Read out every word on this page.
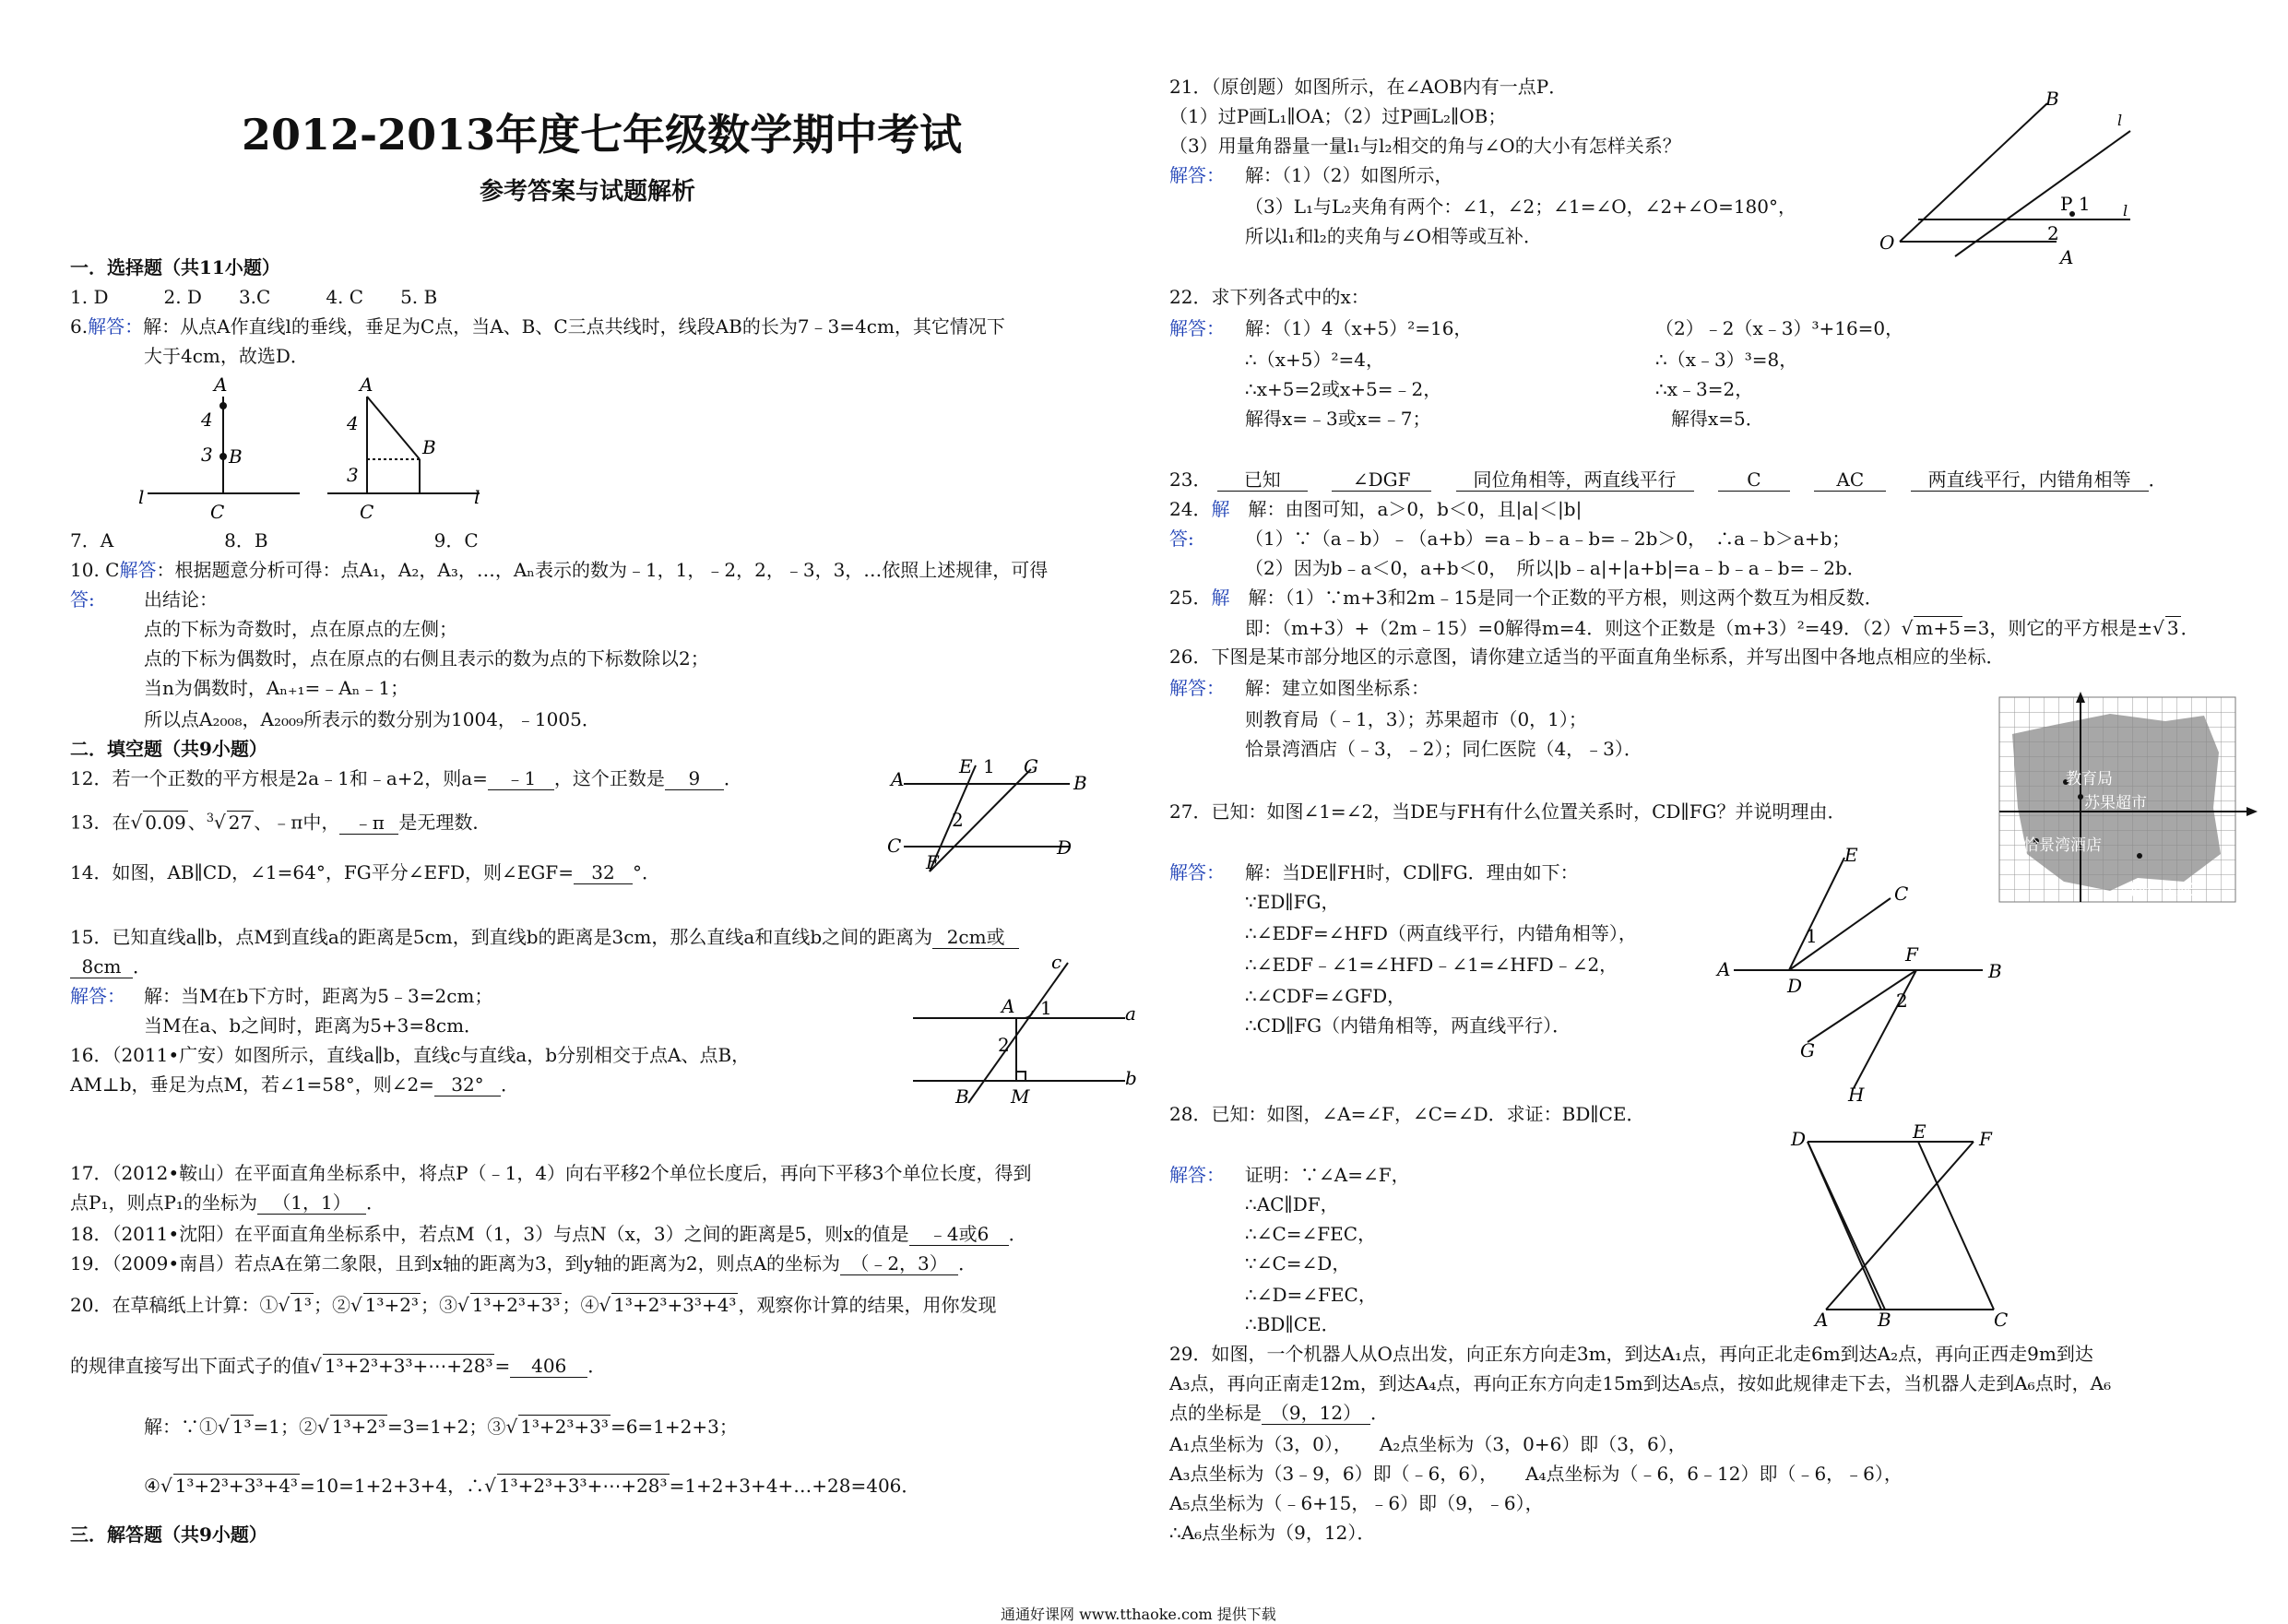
2012-2013年度七年级数学期中考试
参考答案与试题解析
一．选择题（共11小题）
1. D　　　2. D　　3.C　　　4. C　　5. B
6.解答：解：从点A作直线l的垂线，垂足为C点，当A、B、C三点共线时，线段AB的长为7﹣3=4cm，其它情况下
大于4cm，故选D．
A
4
3 B
l
C
A
4
3
B
l
C
7．A　　　　　　8．B　　　　　　　　　9．C
10. C解答：根据题意分析可得：点A₁，A₂，A₃，…，Aₙ表示的数为﹣1，1，﹣2，2，﹣3，3，…依照上述规律，可得
答:	出结论：
点的下标为奇数时，点在原点的左侧；
点的下标为偶数时，点在原点的右侧且表示的数为点的下标数除以2；
当n为偶数时，Aₙ₊₁=﹣Aₙ﹣1；
所以点A₂₀₀₈，A₂₀₀₉所表示的数分别为1004，﹣1005．
二．填空题（共9小题）
12．若一个正数的平方根是2a﹣1和﹣a+2，则a= ﹣1 ，这个正数是 9 ．
13．在√ 0.09 、$^3$√ 27 、﹣π中， ﹣π 是无理数．
14．如图，AB∥CD，∠1=64°，FG平分∠EFD，则∠EGF= 32 °．
A	B
C	D
E 1 G
2
F
15．已知直线a∥b，点M到直线a的距离是5cm，到直线b的距离是3cm，那么直线a和直线b之间的距离为 2cm或
8cm ．
解答： 解：当M在b下方时，距离为5﹣3=2cm；
当M在a、b之间时，距离为5+3=8cm．
a
b
c
A 1
2
B M
16．（2011•广安）如图所示，直线a∥b，直线c与直线a，b分别相交于点A、点B，
AM⊥b，垂足为点M，若∠1=58°，则∠2= 32° ．
17．（2012•鞍山）在平面直角坐标系中，将点P（﹣1，4）向右平移2个单位长度后，再向下平移3个单位长度，得到
点P₁，则点P₁的坐标为 （1，1） ．
18．（2011•沈阳）在平面直角坐标系中，若点M（1，3）与点N（x，3）之间的距离是5，则x的值是 ﹣4或6 ．
19．（2009•南昌）若点A在第二象限，且到x轴的距离为3，到y轴的距离为2，则点A的坐标为 （﹣2，3） ．
20．在草稿纸上计算：①√ 1³ ；②√ 1³+2³ ；③√ 1³+2³+3³ ；④√ 1³+2³+3³+4³ ，观察你计算的结果，用你发现
的规律直接写出下面式子的值√ 1³+2³+3³+⋯+28³ = 406 ．
解：∵①√ 1³ =1；②√ 1³+2³ =3=1+2；③√ 1³+2³+3³ =6=1+2+3；
④√ 1³+2³+3³+4³ =10=1+2+3+4，∴√ 1³+2³+3³+⋯+28³ =1+2+3+4+…+28=406．
三．解答题（共9小题）
21．（原创题）如图所示，在∠AOB内有一点P．
（1）过P画L₁∥OA；（2）过P画L₂∥OB；
（3）用量角器量一量l₁与l₂相交的角与∠O的大小有怎样关系？
解答： 解：（1）（2）如图所示，
（3）L₁与L₂夹角有两个：∠1，∠2；∠1=∠O，∠2+∠O=180°，
所以l₁和l₂的夹角与∠O相等或互补．	O
B
A
l
l
P 1
2
22．求下列各式中的x：
解答： 解：（1）4（x+5）²=16，
∴（x+5）²=4，
∴x+5=2或x+5=﹣2，
解得x=﹣3或x=﹣7；
（2）﹣2（x﹣3）³+16=0，
∴（x﹣3）³=8，
∴x﹣3=2，
解得x=5．
23． 已知　	∠DGF　	同位角相等，两直线平行　	C　	AC　	两直线平行，内错角相等 ．
24．解　 解：由图可知，a＞0，b＜0，且|a|＜|b|
答:	（1）∵（a﹣b）﹣（a+b）=a﹣b﹣a﹣b=﹣2b＞0，　∴a﹣b＞a+b；
（2）因为b﹣a＜0，a+b＜0，　所以|b﹣a|+|a+b|=a﹣b﹣a﹣b=﹣2b．
25．解　 解：（1）∵m+3和2m﹣15是同一个正数的平方根，则这两个数互为相反数．
即：（m+3）+（2m﹣15）=0解得m=4．则这个正数是（m+3）²=49．（2）√ m+5 =3，则它的平方根是±√ 3 ．
26．下图是某市部分地区的示意图，请你建立适当的平面直角坐标系，并写出图中各地点相应的坐标．
解答： 解：建立如图坐标系：
则教育局（﹣1，3）；苏果超市（0，1）；
恰景湾酒店（﹣3，﹣2）；同仁医院（4，﹣3）．
教育局
苏果超市
恰景湾酒店
同仁医院
27．已知：如图∠1=∠2，当DE与FH有什么位置关系时，CD∥FG？并说明理由．
解答： 解：当DE∥FH时，CD∥FG．理由如下：
∵ED∥FG，
∴∠EDF=∠HFD（两直线平行，内错角相等），
∴∠EDF﹣∠1=∠HFD﹣∠1=∠HFD﹣∠2，
∴∠CDF=∠GFD，
∴CD∥FG（内错角相等，两直线平行）．
A	B
D
E
C
F
1
2
G
H
28．已知：如图，∠A=∠F，∠C=∠D．求证：BD∥CE．
解答： 证明：∵∠A=∠F，
∴AC∥DF，
∴∠C=∠FEC，
∵∠C=∠D，
∴∠D=∠FEC，
∴BD∥CE．
D	E	F
A	B	C
29．如图，一个机器人从O点出发，向正东方向走3m，到达A₁点，再向正北走6m到达A₂点，再向正西走9m到达
A₃点，再向正南走12m，到达A₄点，再向正东方向走15m到达A₅点，按如此规律走下去，当机器人走到A₆点时，A₆
点的坐标是 （9，12） ．
A₁点坐标为（3，0），　　A₂点坐标为（3，0+6）即（3，6），
A₃点坐标为（3﹣9，6）即（﹣6，6），　　A₄点坐标为（﹣6，6﹣12）即（﹣6，﹣6），
A₅点坐标为（﹣6+15，﹣6）即（9，﹣6），
∴A₆点坐标为（9，12）．
通通好课网 www.tthaoke.com 提供下载
